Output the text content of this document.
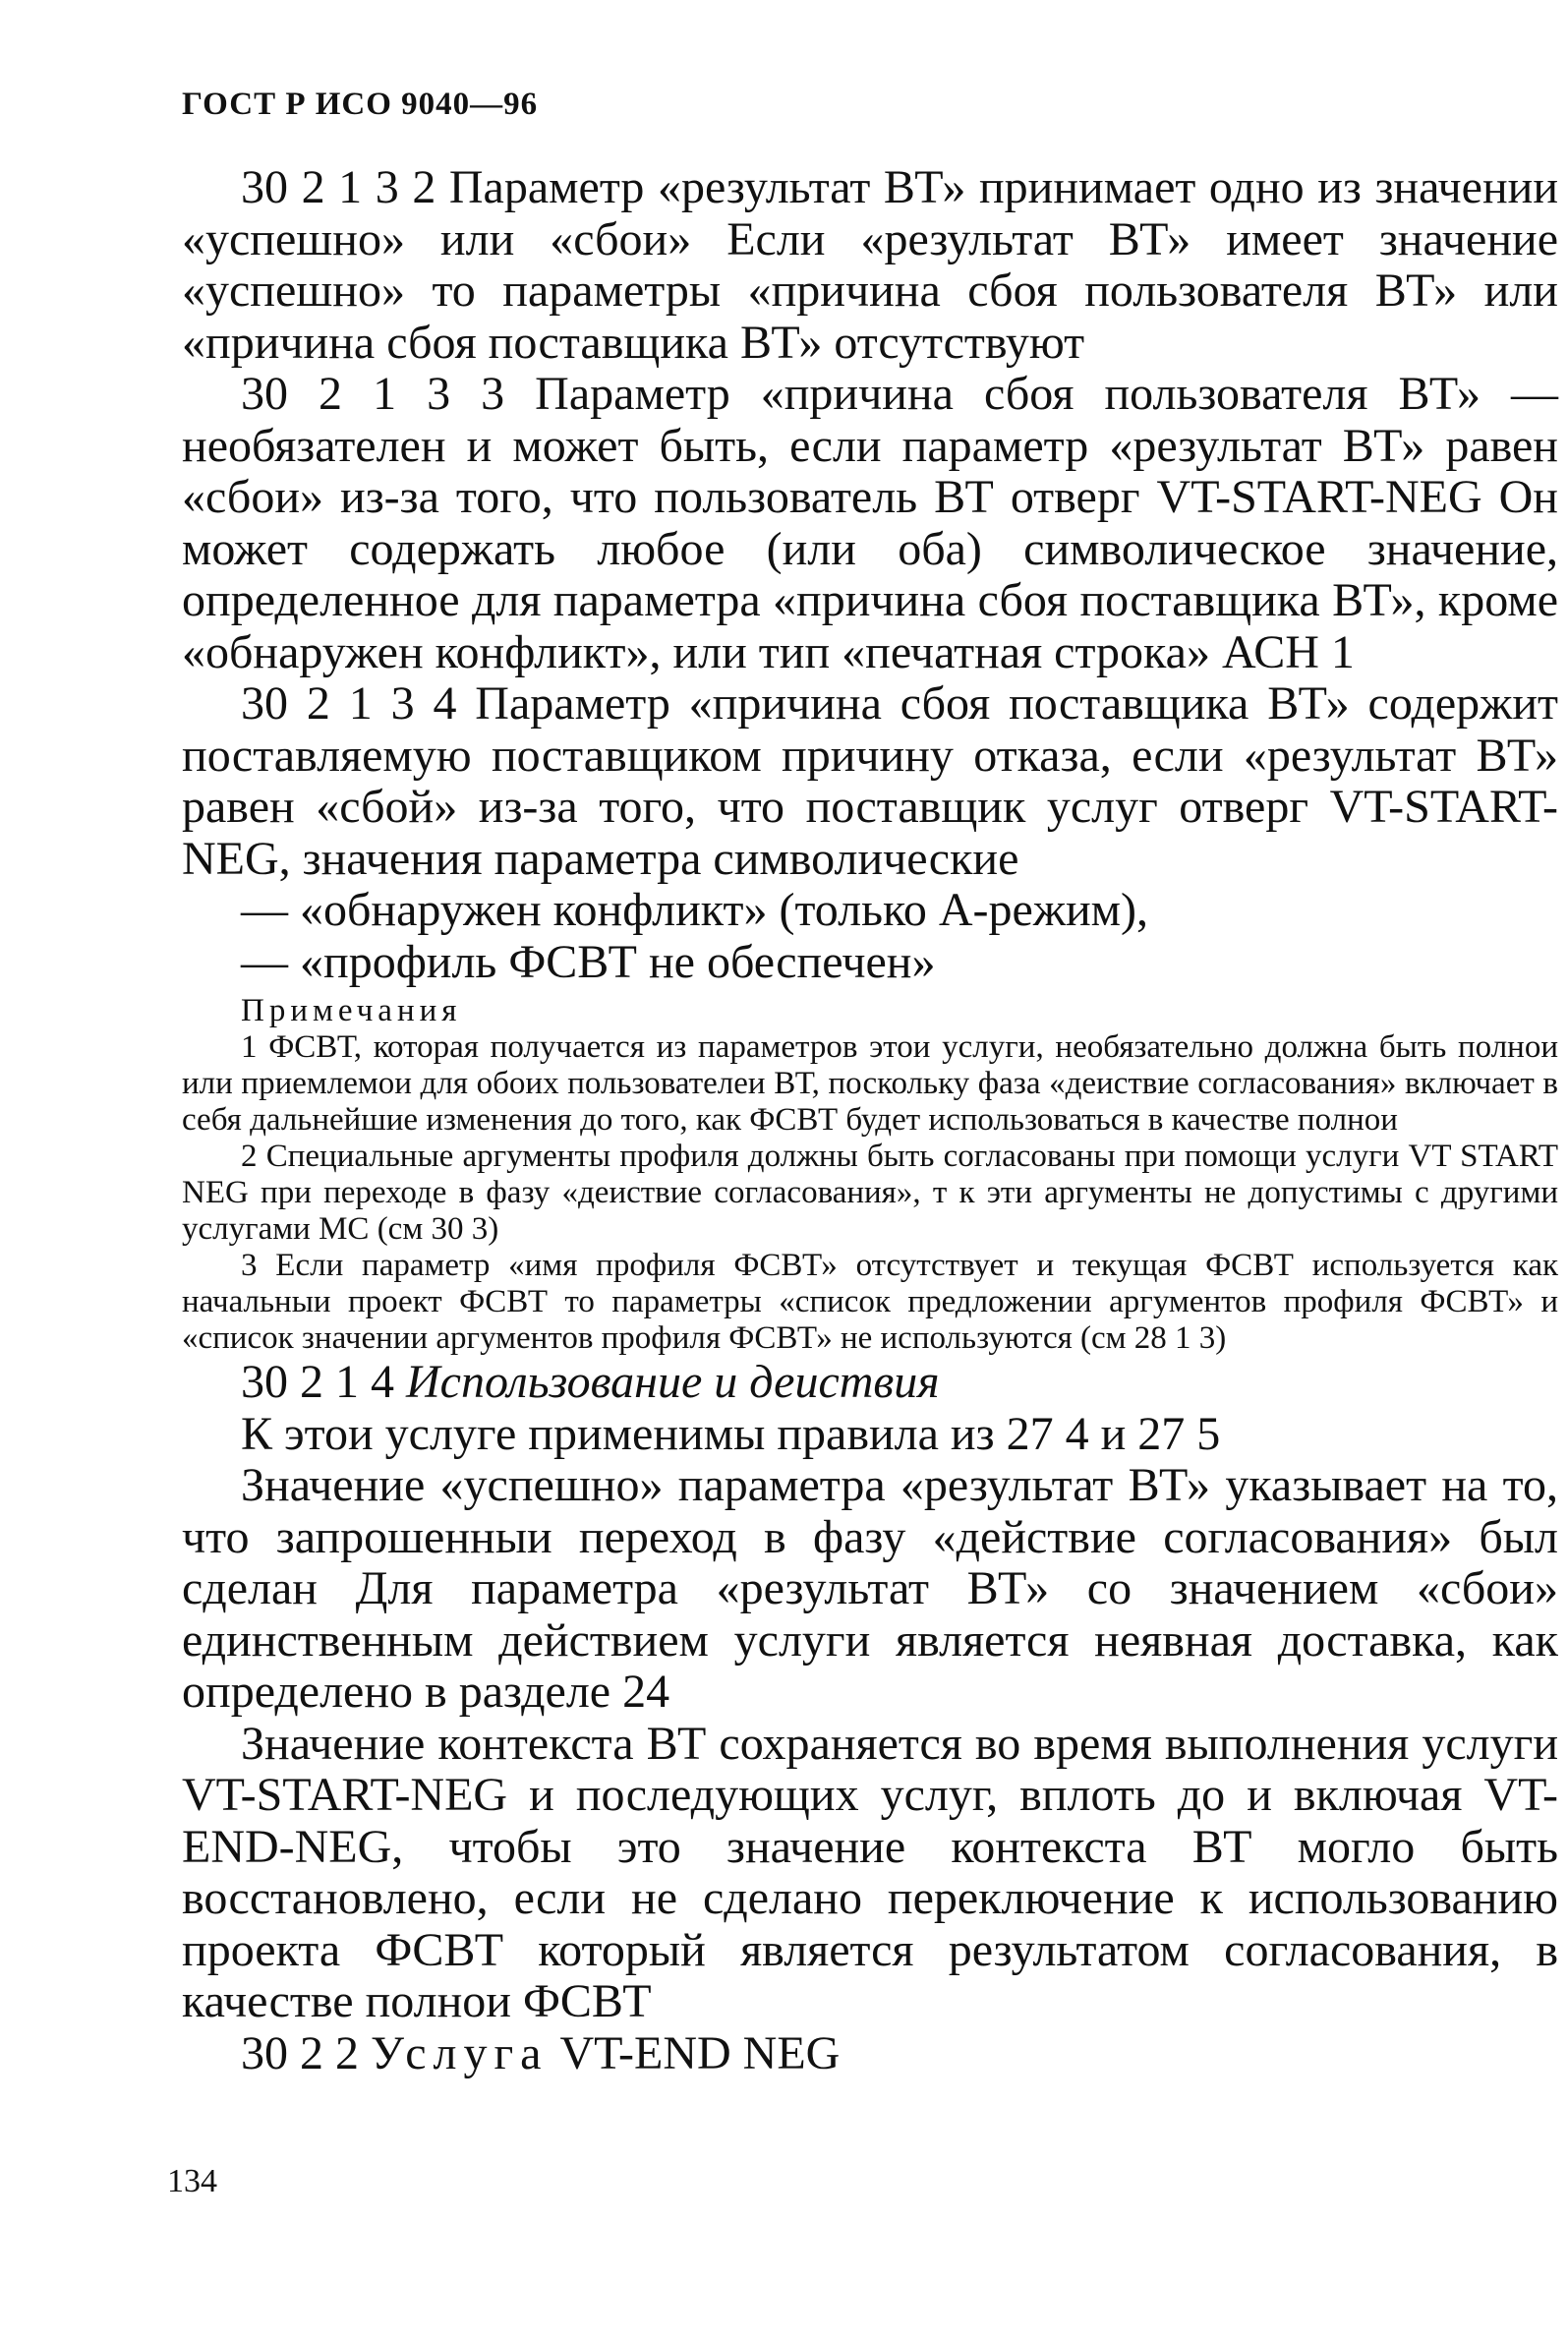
ГОСТ Р ИСО 9040—96

30 2 1 3 2 Параметр «результат ВТ» принимает одно из значении «успешно» или «сбои» Если «результат ВТ» имеет значение «успешно» то параметры «причина сбоя пользователя ВТ» или «причина сбоя поставщика ВТ» отсутствуют

30 2 1 3 3 Параметр «причина сбоя пользователя ВТ» — необязателен и может быть, если параметр «результат ВТ» равен «сбои» из-за того, что пользователь ВТ отверг VT-START-NEG Он может содержать любое (или оба) символическое значение, определенное для параметра «причина сбоя поставщика ВТ», кроме «обнаружен конфликт», или тип «печатная строка» АСН 1

30 2 1 3 4 Параметр «причина сбоя поставщика ВТ» содержит поставляемую поставщиком причину отказа, если «результат ВТ» равен «сбой» из-за того, что поставщик услуг отверг VT-START-NEG, значения параметра символические

— «обнаружен конфликт» (только А-режим),

— «профиль ФСВТ не обеспечен»

Примечания

1 ФСВТ, которая получается из параметров этои услуги, необязательно должна быть полнои или приемлемои для обоих пользователеи ВТ, поскольку фаза «деиствие согласования» включает в себя дальнейшие изменения до того, как ФСВТ будет использоваться в качестве полнои

2 Специальные аргументы профиля должны быть согласованы при помощи услуги VT START NEG при переходе в фазу «деиствие согласования», т к эти аргументы не допустимы с другими услугами МС (см 30 3)

3 Если параметр «имя профиля ФСВТ» отсутствует и текущая ФСВТ используется как начальныи проект ФСВТ то параметры «список предложении аргументов профиля ФСВТ» и «список значении аргументов профиля ФСВТ» не используются (см 28 1 3)

30 2 1 4 Использование и деиствия

К этои услуге применимы правила из 27 4 и 27 5

Значение «успешно» параметра «результат ВТ» указывает на то, что запрошенныи переход в фазу «действие согласования» был сделан Для параметра «результат ВТ» со значением «сбои» единственным действием услуги является неявная доставка, как определено в разделе 24

Значение контекста ВТ сохраняется во время выполнения услуги VT-START-NEG и последующих услуг, вплоть до и включая VT-END-NEG, чтобы это значение контекста ВТ могло быть восстановлено, если не сделано переключение к использованию проекта ФСВТ который является результатом согласования, в качестве полнои ФСВТ

30 2 2 Услуга VT-END NEG

134
